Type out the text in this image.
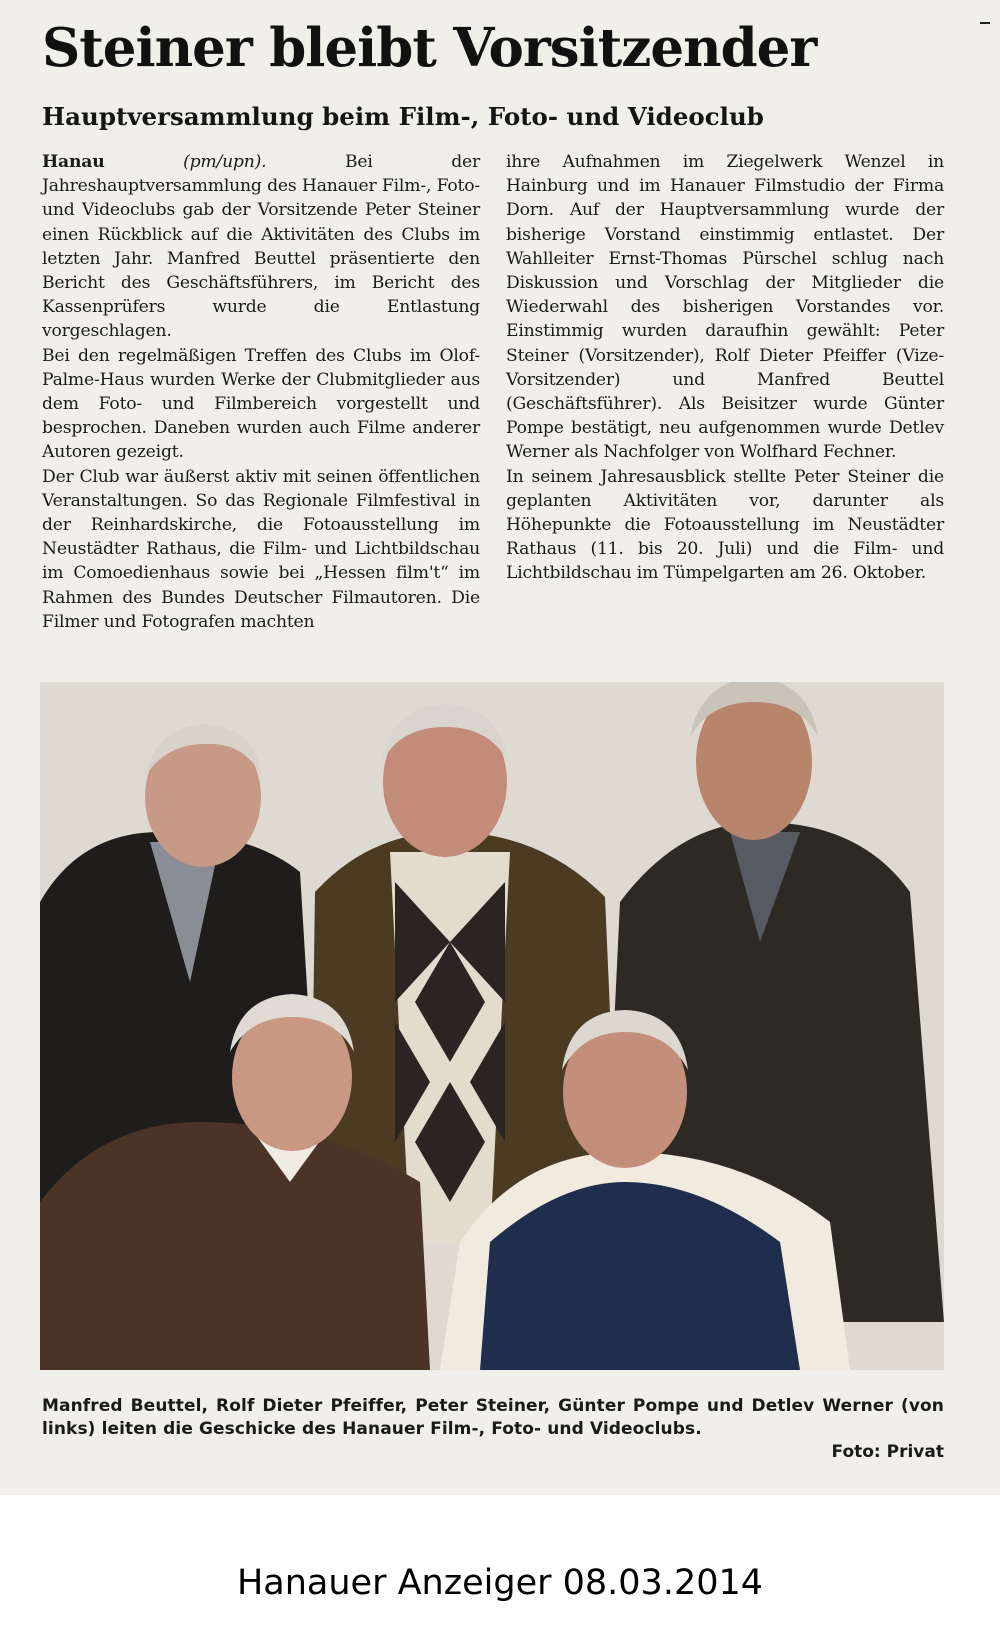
Steiner bleibt Vorsitzender
Hauptversammlung beim Film-, Foto- und Videoclub

Hanau (pm/upn). Bei der Jahreshauptversammlung des Hanauer Film-, Foto- und Videoclubs gab der Vorsitzende Peter Steiner einen Rückblick auf die Aktivitäten des Clubs im letzten Jahr. Manfred Beuttel präsentierte den Bericht des Geschäftsführers, im Bericht des Kassenprüfers wurde die Entlastung vorgeschlagen.

Bei den regelmäßigen Treffen des Clubs im Olof-Palme-Haus wurden Werke der Clubmitglieder aus dem Foto- und Filmbereich vorgestellt und besprochen. Daneben wurden auch Filme anderer Autoren gezeigt.

Der Club war äußerst aktiv mit seinen öffentlichen Veranstaltungen. So das Regionale Filmfestival in der Reinhardskirche, die Fotoausstellung im Neustädter Rathaus, die Film- und Lichtbildschau im Comoedienhaus sowie bei „Hessen film't“ im Rahmen des Bundes Deutscher Filmautoren. Die Filmer und Fotografen machten

ihre Aufnahmen im Ziegelwerk Wenzel in Hainburg und im Hanauer Filmstudio der Firma Dorn. Auf der Hauptversammlung wurde der bisherige Vorstand einstimmig entlastet. Der Wahlleiter Ernst-Thomas Pürschel schlug nach Diskussion und Vorschlag der Mitglieder die Wiederwahl des bisherigen Vorstandes vor. Einstimmig wurden daraufhin gewählt: Peter Steiner (Vorsitzender), Rolf Dieter Pfeiffer (Vize-Vorsitzender) und Manfred Beuttel (Geschäftsführer). Als Beisitzer wurde Günter Pompe bestätigt, neu aufgenommen wurde Detlev Werner als Nachfolger von Wolfhard Fechner.

In seinem Jahresausblick stellte Peter Steiner die geplanten Aktivitäten vor, darunter als Höhepunkte die Fotoausstellung im Neustädter Rathaus (11. bis 20. Juli) und die Film- und Lichtbildschau im Tümpelgarten am 26. Oktober.

Manfred Beuttel, Rolf Dieter Pfeiffer, Peter Steiner, Günter Pompe und Detlev Werner (von links) leiten die Geschicke des Hanauer Film-, Foto- und Videoclubs.
Foto: Privat
Hanauer Anzeiger 08.03.2014
